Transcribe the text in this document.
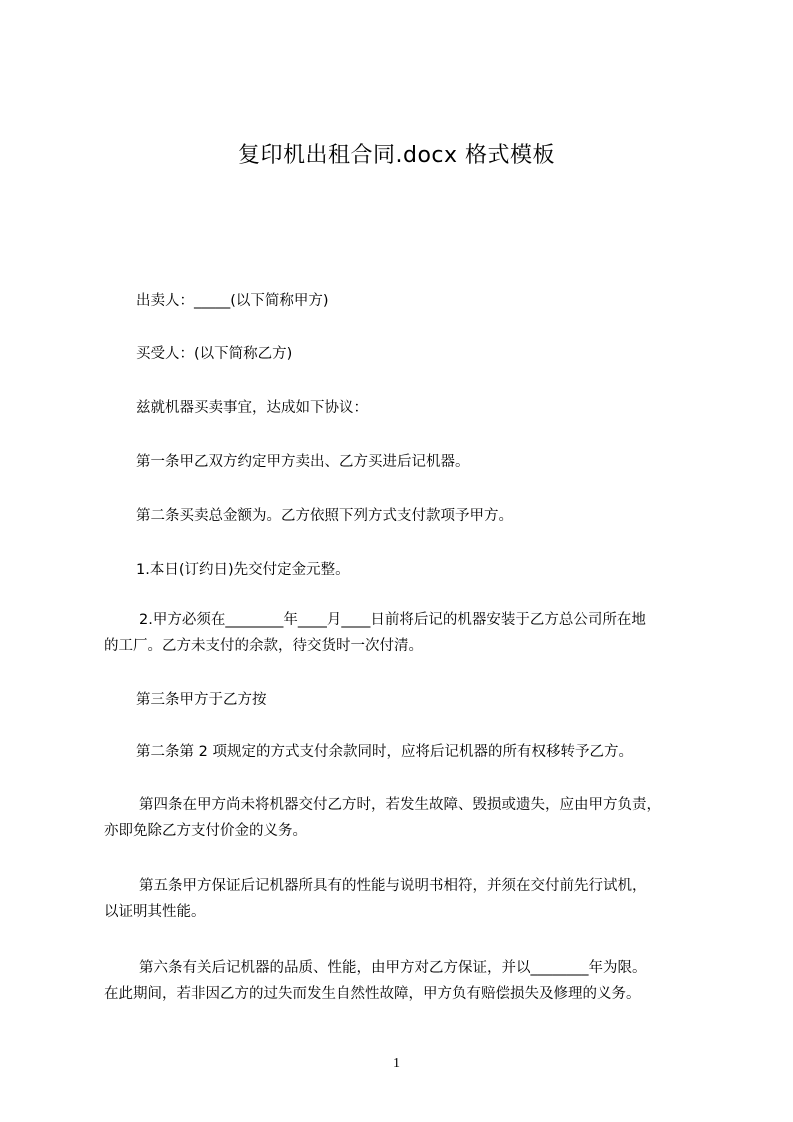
复印机出租合同.docx 格式模板
出卖人：_____(以下简称甲方)
买受人：(以下简称乙方)
兹就机器买卖事宜，达成如下协议：
第一条甲乙双方约定甲方卖出、乙方买进后记机器。
第二条买卖总金额为。乙方依照下列方式支付款项予甲方。
1.本日(订约日)先交付定金元整。
2.甲方必须在________年____月____日前将后记的机器安装于乙方总公司所在地
的工厂。乙方未支付的余款，待交货时一次付清。
第三条甲方于乙方按
第二条第 2 项规定的方式支付余款同时，应将后记机器的所有权移转予乙方。
第四条在甲方尚未将机器交付乙方时，若发生故障、毁损或遗失，应由甲方负责，
亦即免除乙方支付价金的义务。
第五条甲方保证后记机器所具有的性能与说明书相符，并须在交付前先行试机，
以证明其性能。
第六条有关后记机器的品质、性能，由甲方对乙方保证，并以________年为限。
在此期间，若非因乙方的过失而发生自然性故障，甲方负有赔偿损失及修理的义务。
1
